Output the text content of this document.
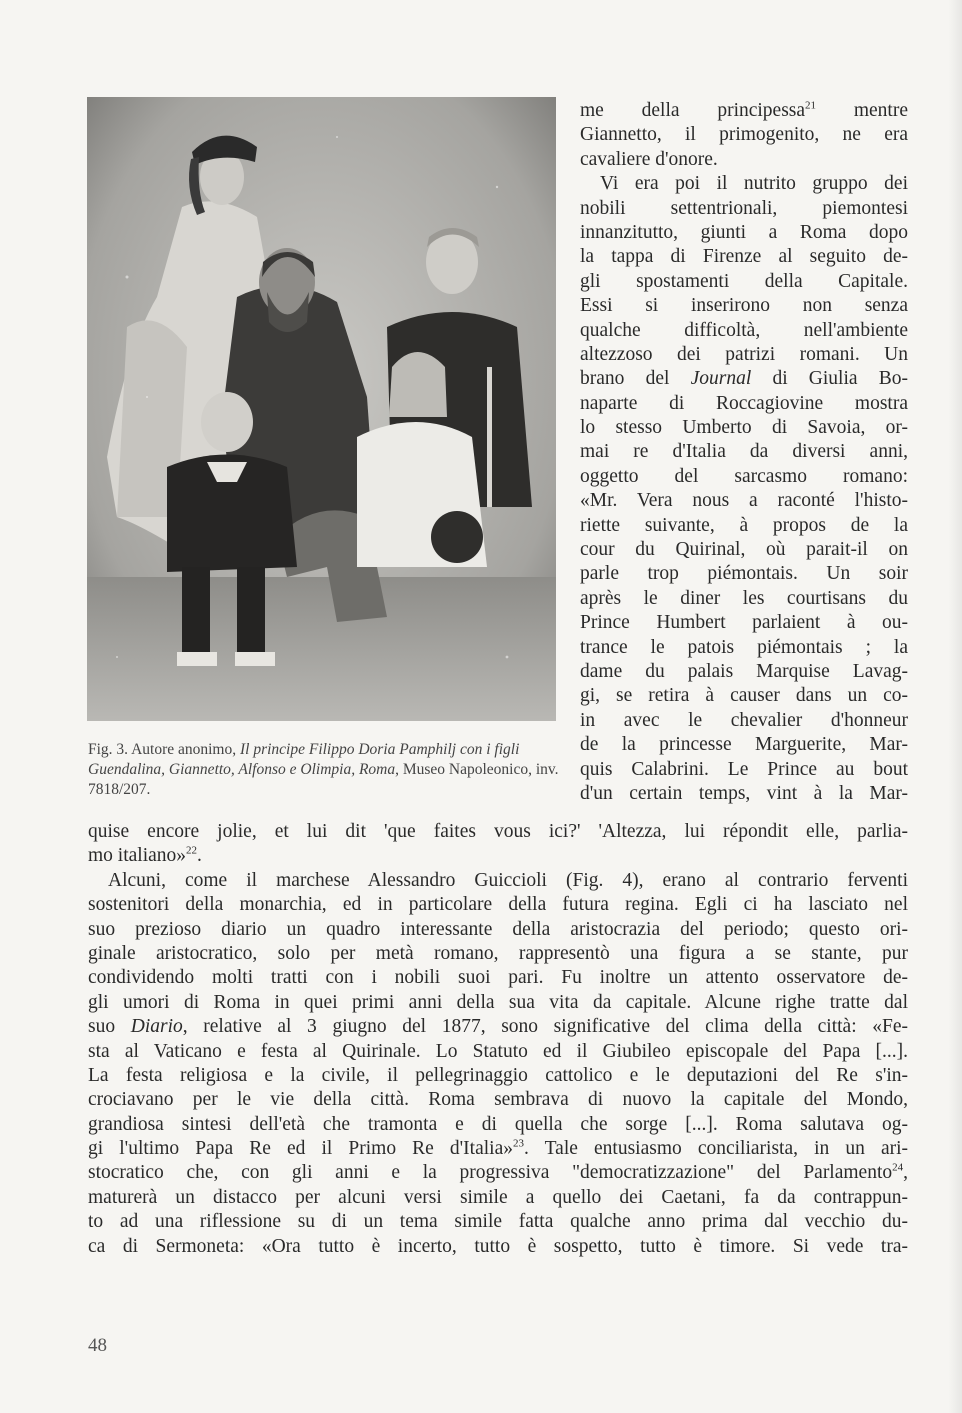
Fig. 3. Autore anonimo, Il principe Filippo Doria Pamphilj con i figli Guendalina, Giannetto, Alfonso e Olimpia, Roma, Museo Napoleonico, inv. 7818/207.
me della principessa$^{21}$ mentre
Giannetto, il primogenito, ne era
cavaliere d'onore.
Vi era poi il nutrito gruppo dei
nobili settentrionali, piemontesi
innanzitutto, giunti a Roma dopo
la tappa di Firenze al seguito de-
gli spostamenti della Capitale.
Essi si inserirono non senza
qualche difficoltà, nell'ambiente
altezzoso dei patrizi romani. Un
brano del Journal di Giulia Bo-
naparte di Roccagiovine mostra
lo stesso Umberto di Savoia, or-
mai re d'Italia da diversi anni,
oggetto del sarcasmo romano:
«Mr. Vera nous a raconté l'histo-
riette suivante, à propos de la
cour du Quirinal, où parait-il on
parle trop piémontais. Un soir
après le diner les courtisans du
Prince Humbert parlaient à ou-
trance le patois piémontais ; la
dame du palais Marquise Lavag-
gi, se retira à causer dans un co-
in avec le chevalier d'honneur
de la princesse Marguerite, Mar-
quis Calabrini. Le Prince au bout
d'un certain temps, vint à la Mar-
quise encore jolie, et lui dit 'que faites vous ici?' 'Altezza, lui répondit elle, parlia-
mo italiano»$^{22}$.
Alcuni, come il marchese Alessandro Guiccioli (Fig. 4), erano al contrario ferventi
sostenitori della monarchia, ed in particolare della futura regina. Egli ci ha lasciato nel
suo prezioso diario un quadro interessante della aristocrazia del periodo; questo ori-
ginale aristocratico, solo per metà romano, rappresentò una figura a se stante, pur
condividendo molti tratti con i nobili suoi pari. Fu inoltre un attento osservatore de-
gli umori di Roma in quei primi anni della sua vita da capitale. Alcune righe tratte dal
suo Diario, relative al 3 giugno del 1877, sono significative del clima della città: «Fe-
sta al Vaticano e festa al Quirinale. Lo Statuto ed il Giubileo episcopale del Papa [...].
La festa religiosa e la civile, il pellegrinaggio cattolico e le deputazioni del Re s'in-
crociavano per le vie della città. Roma sembrava di nuovo la capitale del Mondo,
grandiosa sintesi dell'età che tramonta e di quella che sorge [...]. Roma salutava og-
gi l'ultimo Papa Re ed il Primo Re d'Italia»$^{23}$. Tale entusiasmo conciliarista, in un ari-
stocratico che, con gli anni e la progressiva "democratizzazione" del Parlamento$^{24}$,
maturerà un distacco per alcuni versi simile a quello dei Caetani, fa da contrappun-
to ad una riflessione su di un tema simile fatta qualche anno prima dal vecchio du-
ca di Sermoneta: «Ora tutto è incerto, tutto è sospetto, tutto è timore. Si vede tra-
48
